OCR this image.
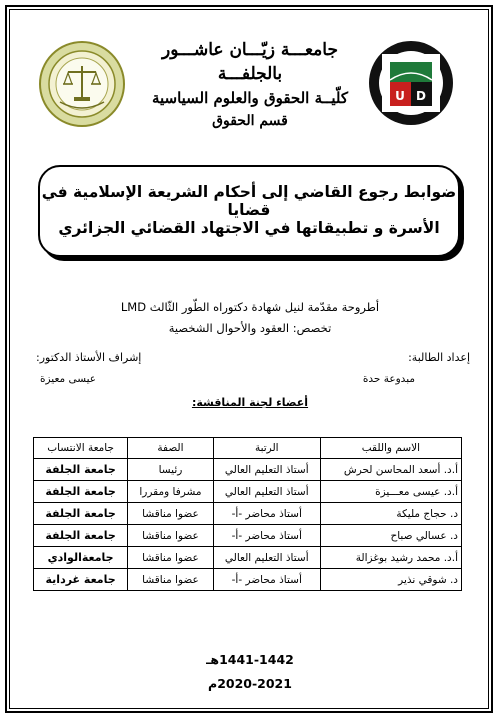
U D
جامعـــة زيّـــان عاشـــور بالجلفـــة
كلّيــة الحقوق والعلوم السياسية
قسم الحقوق
ضوابط رجوع القاضي إلى أحكام الشريعة الإسلامية في قضايا
الأسرة و تطبيقاتها في الاجتهاد القضائي الجزائري
أطروحة مقدّمة لنيل شهادة دكتوراه الطّور الثّالث LMD
تخصص: العقود والأحوال الشخصية
إعداد الطالبة:
مبدوعة حدة
إشراف الأستاذ الدكتور:
عيسى معيزة
أعضاء لجنة المناقشة:
الاسم واللقب	الرتبة	الصفة	جامعة الانتساب
أ.د. أسعد المحاسن لحرش	أستاذ التعليم العالي	رئيسا	جامعة الجلفة
أ.د. عيسى معـــيزة	أستاذ التعليم العالي	مشرفا ومقررا	جامعة الجلفة
د. حجاج مليكة	أستاذ محاضر -أ-	عضوا مناقشا	جامعة الجلفة
د. عسالي صباح	أستاذ محاضر -أ-	عضوا مناقشا	جامعة الجلفة
أ.د. محمد رشيد بوغزالة	أستاذ التعليم العالي	عضوا مناقشا	جامعةالوادي
د. شوقي نذير	أستاذ محاضر -أ-	عضوا مناقشا	جامعة غرداية
1441-1442هـ
2020-2021م
